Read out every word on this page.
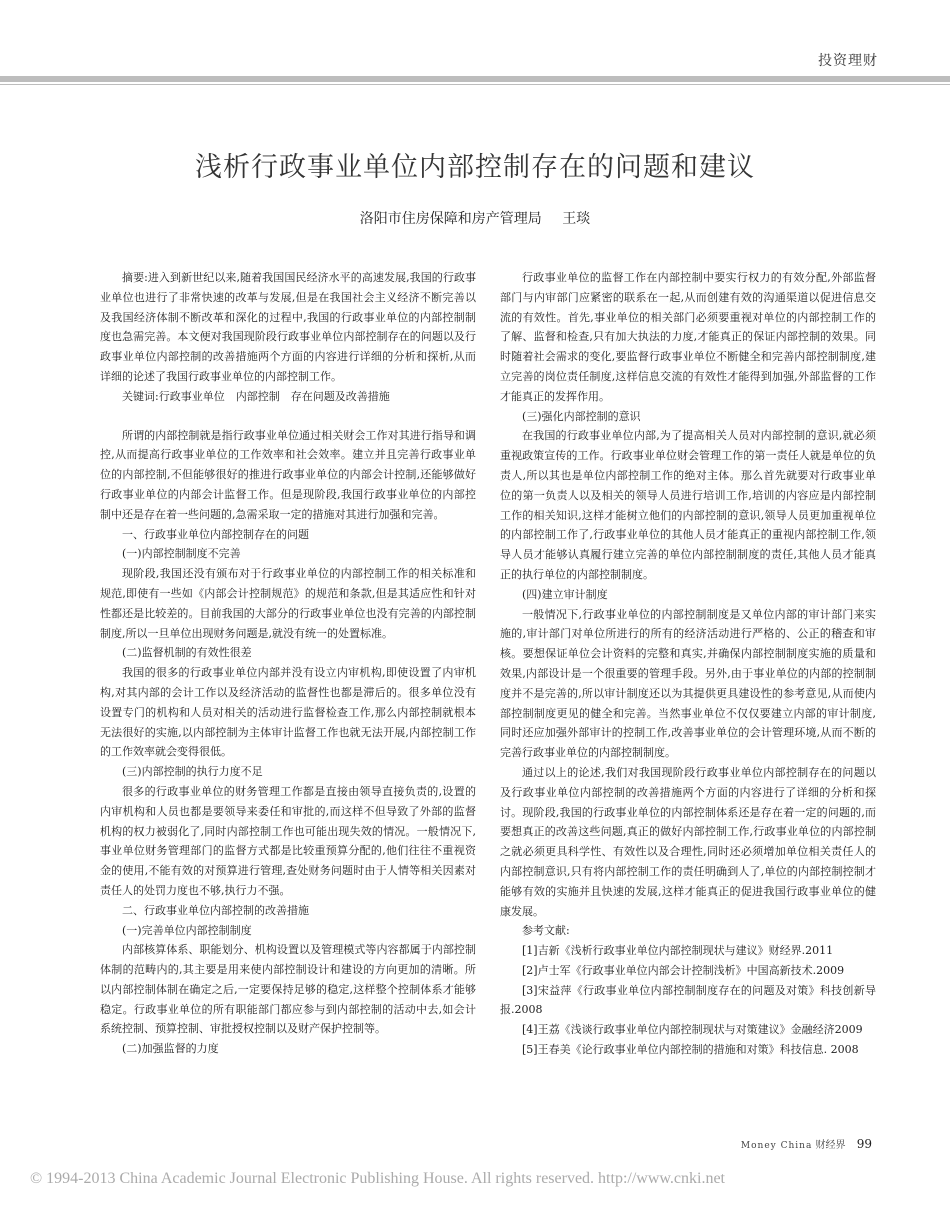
投资理财
浅析行政事业单位内部控制存在的问题和建议
洛阳市住房保障和房产管理局 王琰

摘要:进入到新世纪以来,随着我国国民经济水平的高速发展,我国的行政事业单位也进行了非常快速的改革与发展,但是在我国社会主义经济不断完善以及我国经济体制不断改革和深化的过程中,我国的行政事业单位的内部控制制度也急需完善。本文便对我国现阶段行政事业单位内部控制存在的问题以及行政事业单位内部控制的改善措施两个方面的内容进行详细的分析和探析,从而详细的论述了我国行政事业单位的内部控制工作。

关键词:行政事业单位　内部控制　存在问题及改善措施

所谓的内部控制就是指行政事业单位通过相关财会工作对其进行指导和调控,从而提高行政事业单位的工作效率和社会效率。建立并且完善行政事业单位的内部控制,不但能够很好的推进行政事业单位的内部会计控制,还能够做好行政事业单位的内部会计监督工作。但是现阶段,我国行政事业单位的内部控制中还是存在着一些问题的,急需采取一定的措施对其进行加强和完善。

一、行政事业单位内部控制存在的问题

(一)内部控制制度不完善

现阶段,我国还没有颁布对于行政事业单位的内部控制工作的相关标准和规范,即使有一些如《内部会计控制规范》的规范和条款,但是其适应性和针对性都还是比较差的。目前我国的大部分的行政事业单位也没有完善的内部控制制度,所以一旦单位出现财务问题是,就没有统一的处置标准。

(二)监督机制的有效性很差

我国的很多的行政事业单位内部并没有设立内审机构,即使设置了内审机构,对其内部的会计工作以及经济活动的监督性也都是滞后的。很多单位没有设置专门的机构和人员对相关的活动进行监督检查工作,那么内部控制就根本无法很好的实施,以内部控制为主体审计监督工作也就无法开展,内部控制工作的工作效率就会变得很低。

(三)内部控制的执行力度不足

很多的行政事业单位的财务管理工作都是直接由领导直接负责的,设置的内审机构和人员也都是要领导来委任和审批的,而这样不但导致了外部的监督机构的权力被弱化了,同时内部控制工作也可能出现失效的情况。一般情况下,事业单位财务管理部门的监督方式都是比较重预算分配的,他们往往不重视资金的使用,不能有效的对预算进行管理,查处财务问题时由于人情等相关因素对责任人的处罚力度也不够,执行力不强。

二、行政事业单位内部控制的改善措施

(一)完善单位内部控制制度

内部核算体系、职能划分、机构设置以及管理模式等内容都属于内部控制体制的范畴内的,其主要是用来使内部控制设计和建设的方向更加的清晰。所以内部控制体制在确定之后,一定要保持足够的稳定,这样整个控制体系才能够稳定。行政事业单位的所有职能部门都应参与到内部控制的活动中去,如会计系统控制、预算控制、审批授权控制以及财产保护控制等。

(二)加强监督的力度

行政事业单位的监督工作在内部控制中要实行权力的有效分配,外部监督部门与内审部门应紧密的联系在一起,从而创建有效的沟通渠道以促进信息交流的有效性。首先,事业单位的相关部门必须要重视对单位的内部控制工作的了解、监督和检查,只有加大执法的力度,才能真正的保证内部控制的效果。同时随着社会需求的变化,要监督行政事业单位不断健全和完善内部控制制度,建立完善的岗位责任制度,这样信息交流的有效性才能得到加强,外部监督的工作才能真正的发挥作用。

(三)强化内部控制的意识

在我国的行政事业单位内部,为了提高相关人员对内部控制的意识,就必须重视政策宣传的工作。行政事业单位财会管理工作的第一责任人就是单位的负责人,所以其也是单位内部控制工作的绝对主体。那么首先就要对行政事业单位的第一负责人以及相关的领导人员进行培训工作,培训的内容应是内部控制工作的相关知识,这样才能树立他们的内部控制的意识,领导人员更加重视单位的内部控制工作了,行政事业单位的其他人员才能真正的重视内部控制工作,领导人员才能够认真履行建立完善的单位内部控制制度的责任,其他人员才能真正的执行单位的内部控制制度。

(四)建立审计制度

一般情况下,行政事业单位的内部控制制度是又单位内部的审计部门来实施的,审计部门对单位所进行的所有的经济活动进行严格的、公正的稽查和审核。要想保证单位会计资料的完整和真实,并确保内部控制制度实施的质量和效果,内部设计是一个很重要的管理手段。另外,由于事业单位的内部的控制制度并不是完善的,所以审计制度还以为其提供更具建设性的参考意见,从而使内部控制制度更见的健全和完善。当然事业单位不仅仅要建立内部的审计制度,同时还应加强外部审计的控制工作,改善事业单位的会计管理环境,从而不断的完善行政事业单位的内部控制制度。

通过以上的论述,我们对我国现阶段行政事业单位内部控制存在的问题以及行政事业单位内部控制的改善措施两个方面的内容进行了详细的分析和探讨。现阶段,我国的行政事业单位的内部控制体系还是存在着一定的问题的,而要想真正的改善这些问题,真正的做好内部控制工作,行政事业单位的内部控制之就必须更具科学性、有效性以及合理性,同时还必须增加单位相关责任人的内部控制意识,只有将内部控制工作的责任明确到人了,单位的内部控制控制才能够有效的实施并且快速的发展,这样才能真正的促进我国行政事业单位的健康发展。

参考文献:

[1]吉新《浅析行政事业单位内部控制现状与建议》财经界.2011

[2]卢士军《行政事业单位内部会计控制浅析》中国高新技术.2009

[3]宋益萍《行政事业单位内部控制制度存在的问题及对策》科技创新导报.2008

[4]王荔《浅谈行政事业单位内部控制现状与对策建议》金融经济2009

[5]王春美《论行政事业单位内部控制的措施和对策》科技信息. 2008

Money China 财经界 99
© 1994-2013 China Academic Journal Electronic Publishing House. All rights reserved. http://www.cnki.net
